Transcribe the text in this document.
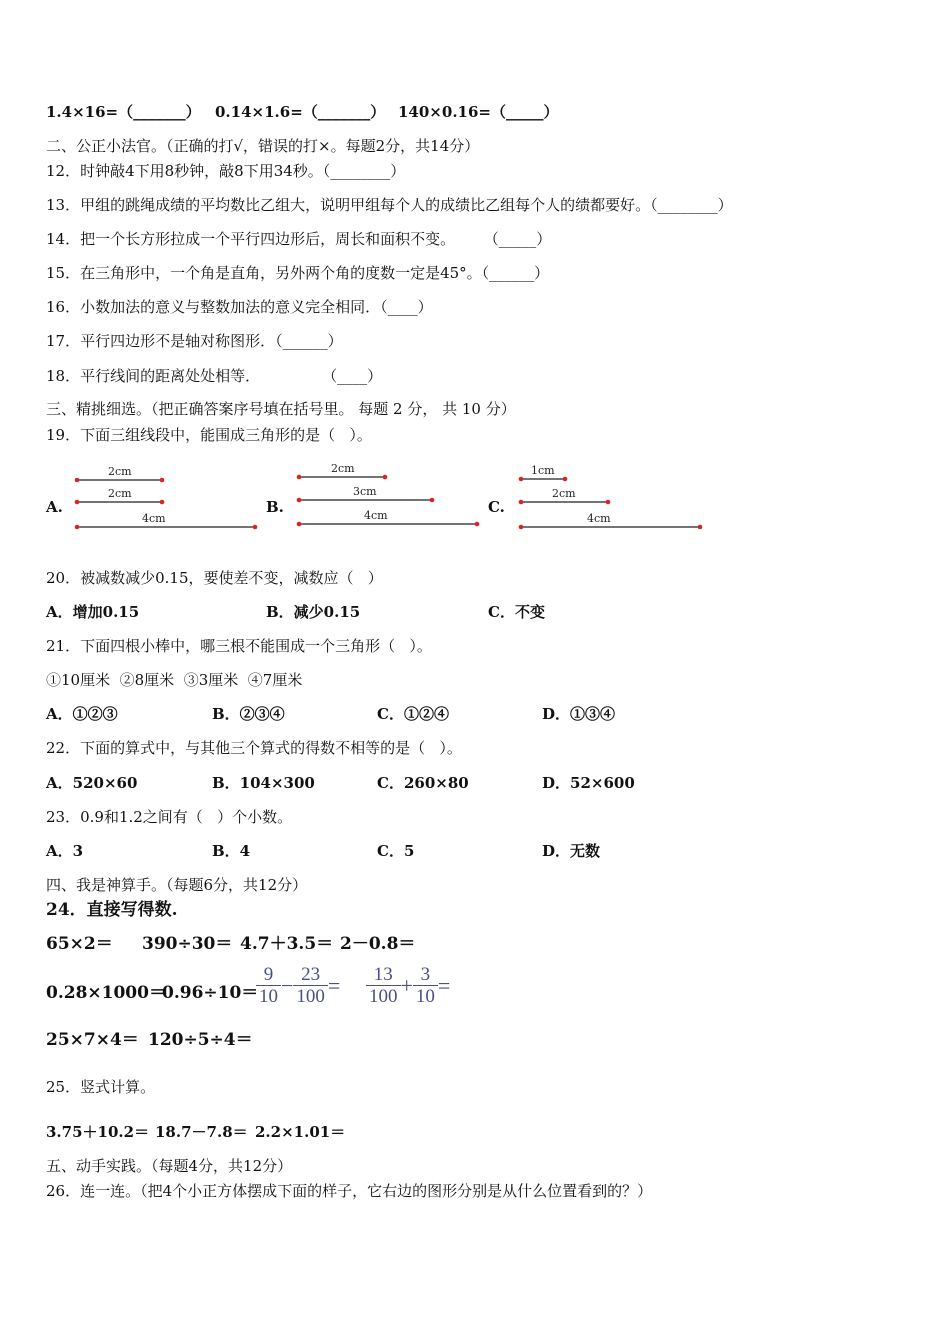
1.4×16=（_______） 0.14×1.6=（_______） 140×0.16=（_____）
二、公正小法官。（正确的打√，错误的打×。每题2分，共14分）
12．时钟敲4下用8秒钟，敲8下用34秒。（________）
13．甲组的跳绳成绩的平均数比乙组大，说明甲组每个人的成绩比乙组每个人的绩都要好。（________）
14．把一个长方形拉成一个平行四边形后，周长和面积不变。      （_____）
15．在三角形中，一个角是直角，另外两个角的度数一定是45°。（______）
16．小数加法的意义与整数加法的意义完全相同．（____）
17．平行四边形不是轴对称图形．（______）
18．平行线间的距离处处相等．             （____）
三、精挑细选。（把正确答案序号填在括号里。 每题 2 分， 共 10 分）
19．下面三组线段中，能围成三角形的是（   ）。
A.	B.	C.
2cm
2cm
4cm
2cm
3cm
4cm
1cm
2cm
4cm
20．被减数减少0.15，要使差不变，减数应（   ）
A．增加0.15	B．减少0.15	C．不变
21．下面四根小棒中，哪三根不能围成一个三角形（   ）。
①10厘米  ②8厘米  ③3厘米  ④7厘米
A．①②③	B．②③④	C．①②④	D．①③④
22．下面的算式中，与其他三个算式的得数不相等的是（   ）。
A．520×60	B．104×300	C．260×80	D．52×600
23．0.9和1.2之间有（   ）个小数。
A．3	B．4	C．5	D．无数
四、我是神算手。（每题6分，共12分）
24．直接写得数.
65×2＝ 390÷30＝ 4.7＋3.5＝ 2－0.8＝
0.28×1000＝
0.96÷10＝
$\frac{9}{10} - \frac{23}{100} = \frac{13}{100} + \frac{3}{10}$ =
25×7×4＝ 120÷5÷4＝
25．竖式计算。
3.75＋10.2＝ 18.7－7.8＝ 2.2×1.01＝
五、动手实践。（每题4分，共12分）
26．连一连。（把4个小正方体摆成下面的样子，它右边的图形分别是从什么位置看到的？）
